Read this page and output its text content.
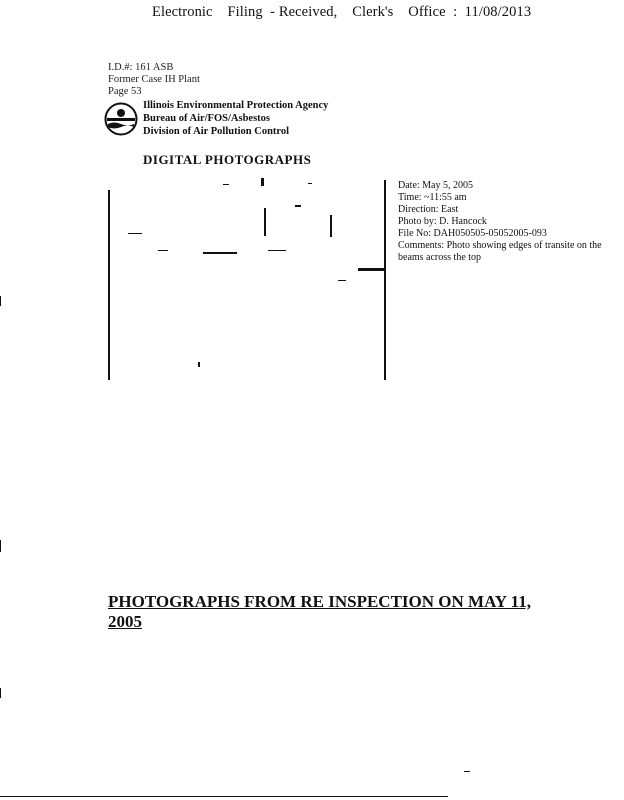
Electronic    Filing  - Received,    Clerk's    Office  :  11/08/2013
I.D.#: 161 ASB
Former Case IH Plant
Page 53
Illinois Environmental Protection Agency
Bureau of Air/FOS/Asbestos
Division of Air Pollution Control
DIGITAL PHOTOGRAPHS
Date: May 5, 2005
Time: ~11:55 am
Direction: East
Photo by: D. Hancock
File No: DAH050505-05052005-093
Comments: Photo showing edges of transite on the beams across the top
PHOTOGRAPHS FROM RE INSPECTION ON MAY 11, 2005
